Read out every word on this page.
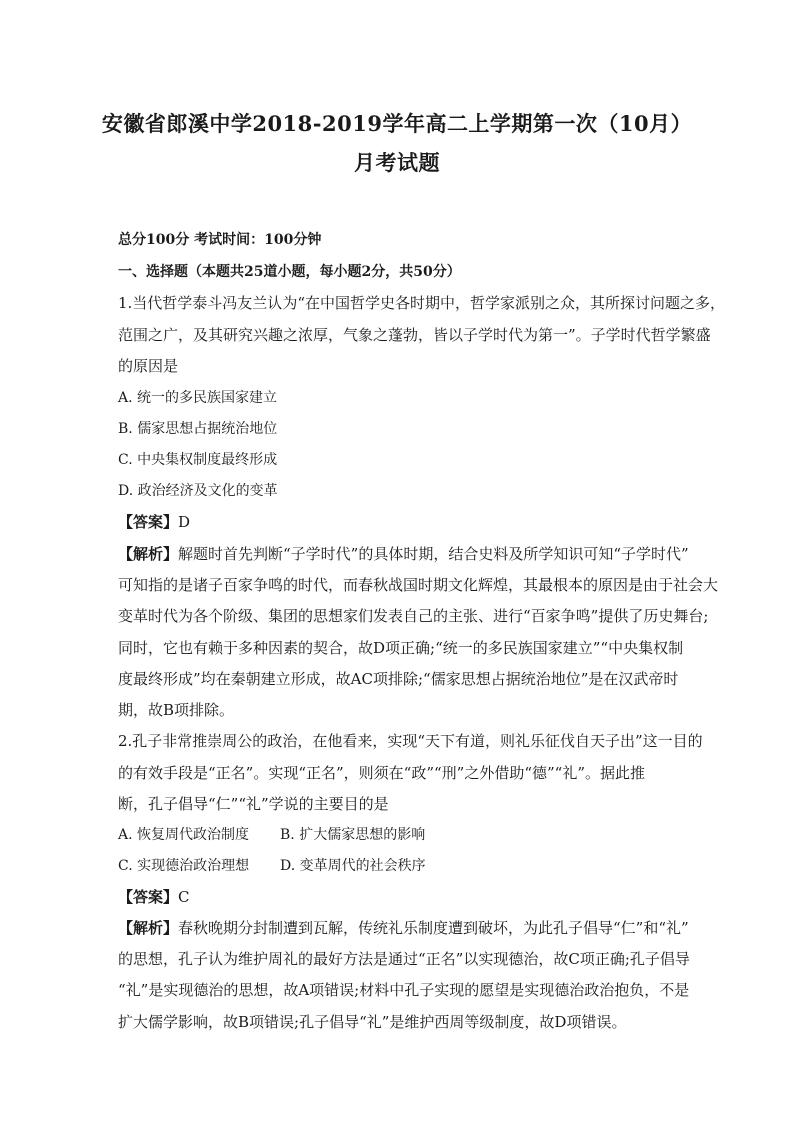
安徽省郎溪中学2018-2019学年高二上学期第一次（10月）
月考试题
总分100分 考试时间：100分钟
一、选择题（本题共25道小题，每小题2分，共50分）
1.当代哲学泰斗冯友兰认为“在中国哲学史各时期中，哲学家派别之众，其所探讨问题之多，
范围之广，及其研究兴趣之浓厚，气象之蓬勃，皆以子学时代为第一”。子学时代哲学繁盛
的原因是
A. 统一的多民族国家建立
B. 儒家思想占据统治地位
C. 中央集权制度最终形成
D. 政治经济及文化的变革
【答案】D
【解析】解题时首先判断“子学时代”的具体时期，结合史料及所学知识可知“子学时代”
可知指的是诸子百家争鸣的时代，而春秋战国时期文化辉煌，其最根本的原因是由于社会大
变革时代为各个阶级、集团的思想家们发表自己的主张、进行“百家争鸣”提供了历史舞台;
同时，它也有赖于多种因素的契合，故D项正确;“统一的多民族国家建立”“中央集权制
度最终形成”均在秦朝建立形成，故AC项排除;“儒家思想占据统治地位”是在汉武帝时
期，故B项排除。
2.孔子非常推崇周公的政治，在他看来，实现“天下有道，则礼乐征伐自天子出”这一目的
的有效手段是“正名”。实现“正名”，则须在“政”“刑”之外借助“德”“礼”。据此推
断，孔子倡导“仁”“礼”学说的主要目的是
A. 恢复周代政治制度 B. 扩大儒家思想的影响
C. 实现德治政治理想 D. 变革周代的社会秩序
【答案】C
【解析】春秋晚期分封制遭到瓦解，传统礼乐制度遭到破坏，为此孔子倡导“仁”和“礼”
的思想，孔子认为维护周礼的最好方法是通过“正名”以实现德治，故C项正确;孔子倡导
“礼”是实现德治的思想，故A项错误;材料中孔子实现的愿望是实现德治政治抱负，不是
扩大儒学影响，故B项错误;孔子倡导“礼”是维护西周等级制度，故D项错误。
